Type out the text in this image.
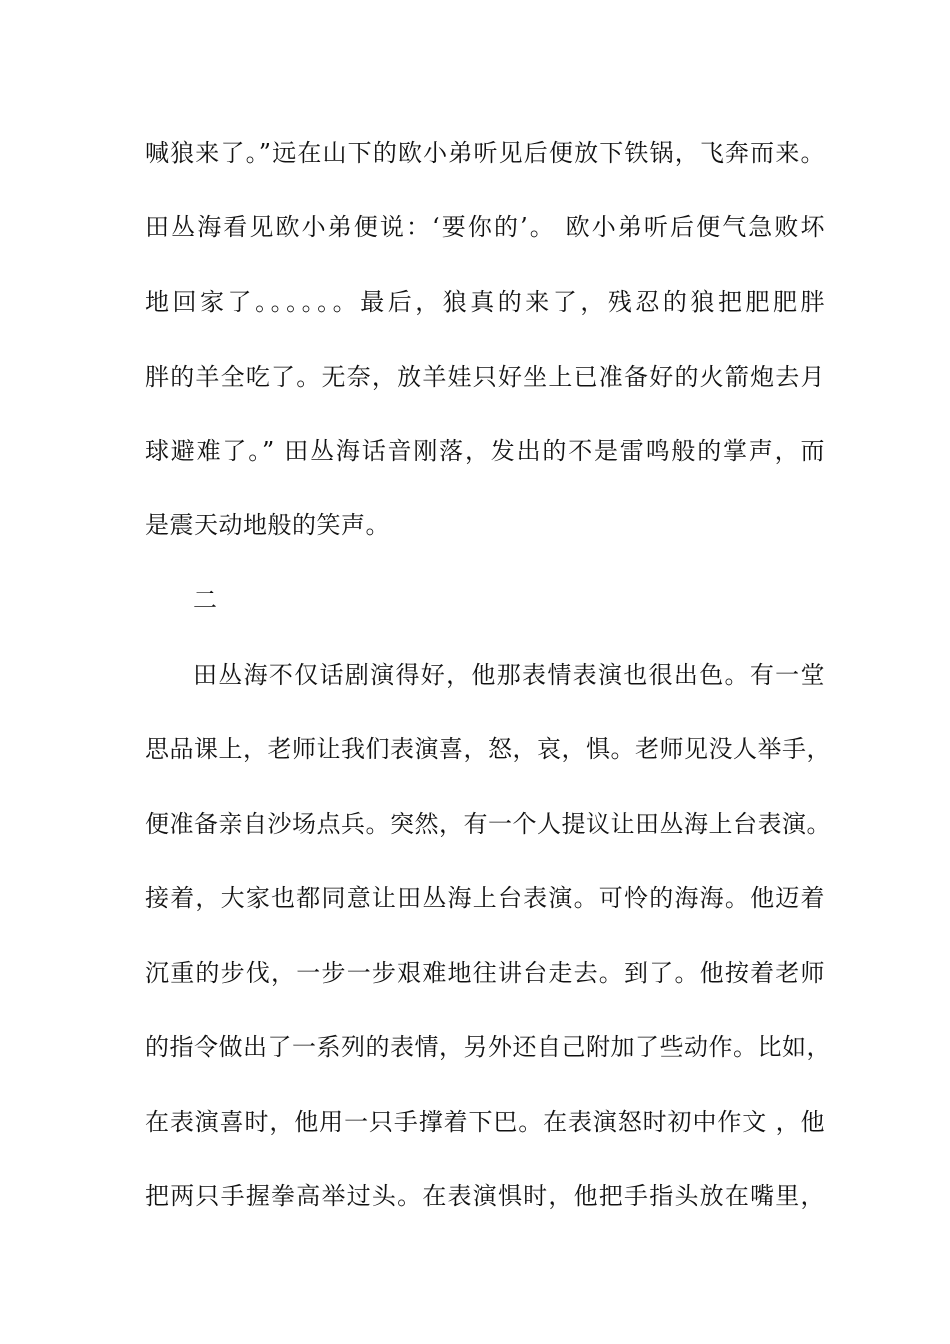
喊狼来了。”远在山下的欧小弟听见后便放下铁锅，飞奔而来。
田丛海看见欧小弟便说：‘要你的’。 欧小弟听后便气急败坏
地回家了。。。。。。最后，狼真的来了，残忍的狼把肥肥胖
胖的羊全吃了。无奈，放羊娃只好坐上已准备好的火箭炮去月
球避难了。” 田丛海话音刚落，发出的不是雷鸣般的掌声，而
是震天动地般的笑声。
二
田丛海不仅话剧演得好，他那表情表演也很出色。有一堂
思品课上，老师让我们表演喜，怒，哀，惧。老师见没人举手，
便准备亲自沙场点兵。突然，有一个人提议让田丛海上台表演。
接着，大家也都同意让田丛海上台表演。可怜的海海。他迈着
沉重的步伐，一步一步艰难地往讲台走去。到了。他按着老师
的指令做出了一系列的表情，另外还自己附加了些动作。比如，
在表演喜时，他用一只手撑着下巴。在表演怒时初中作文 ，他
把两只手握拳高举过头。在表演惧时，他把手指头放在嘴里，
